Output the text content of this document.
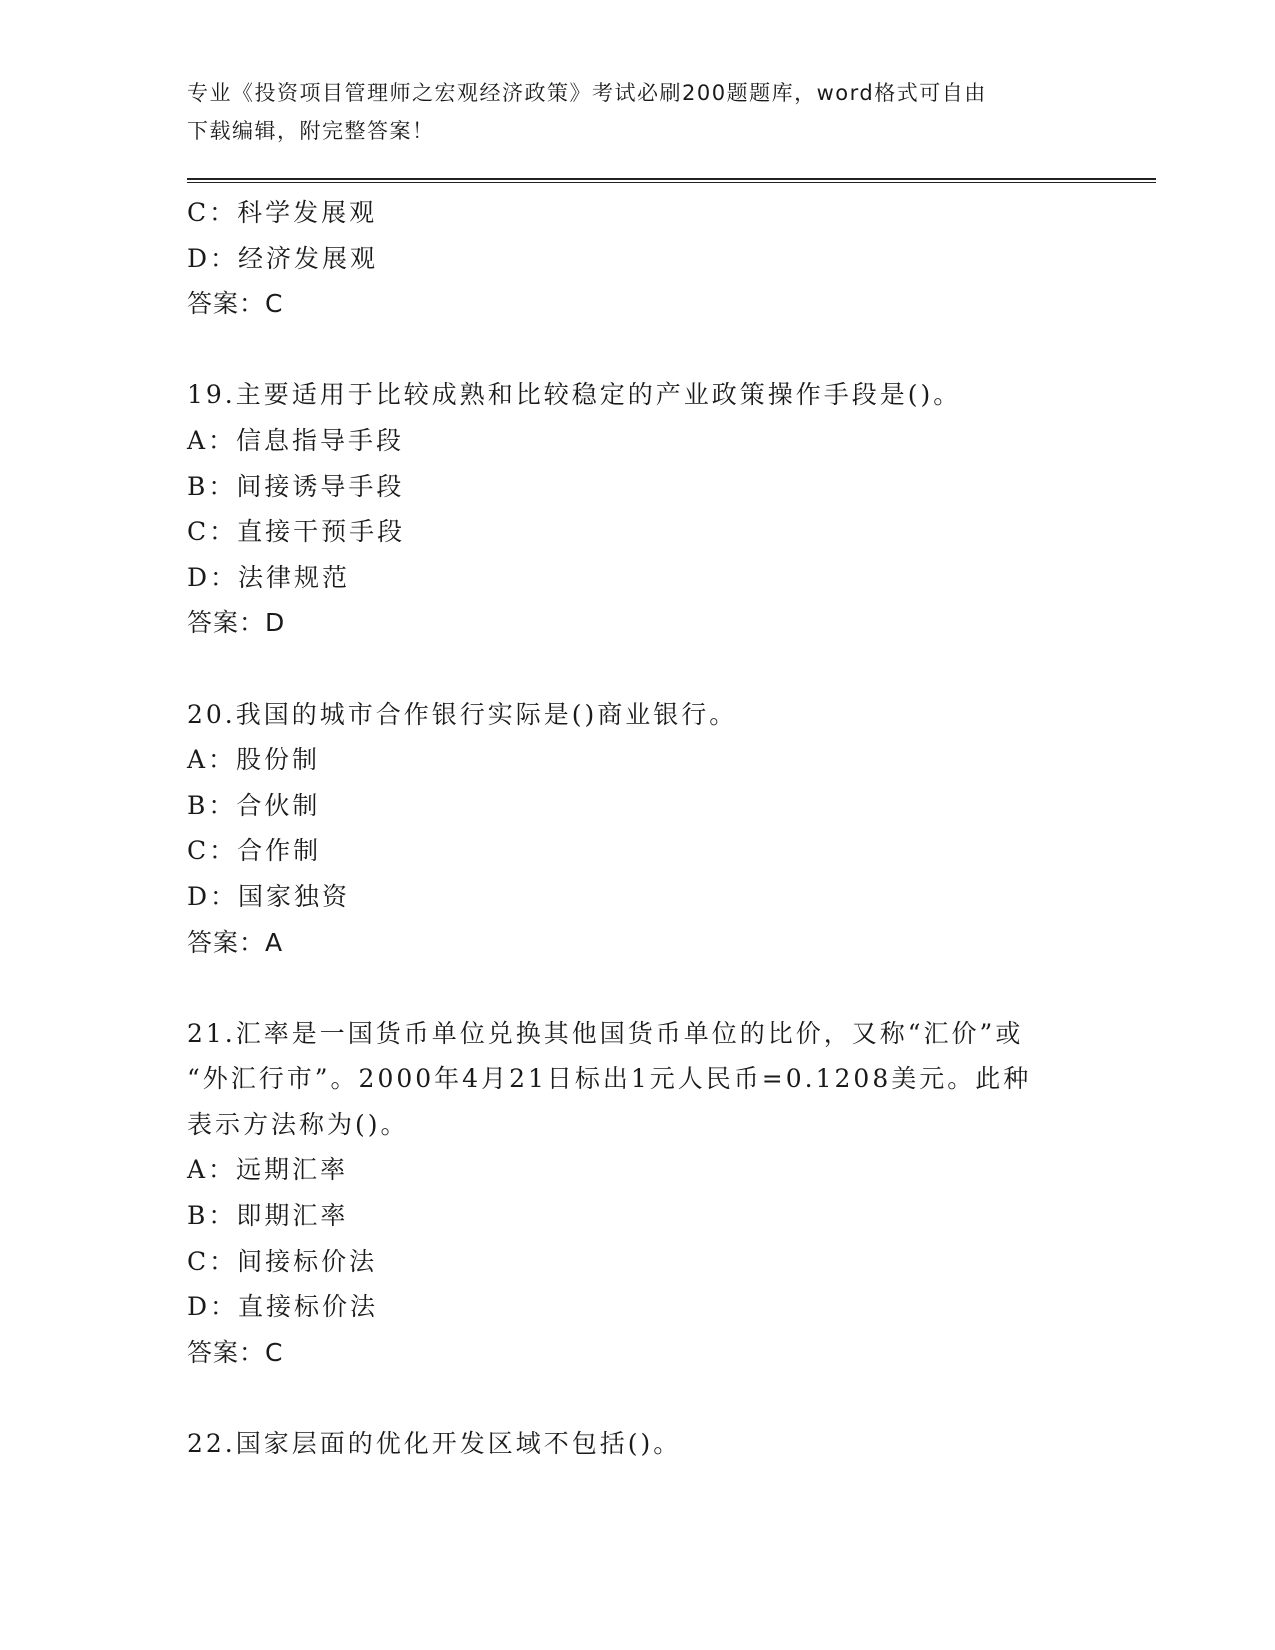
专业《投资项目管理师之宏观经济政策》考试必刷200题题库，word格式可自由
下载编辑，附完整答案！
C：科学发展观
D：经济发展观
答案：C
19.主要适用于比较成熟和比较稳定的产业政策操作手段是()。
A：信息指导手段
B：间接诱导手段
C：直接干预手段
D：法律规范
答案：D
20.我国的城市合作银行实际是()商业银行。
A：股份制
B：合伙制
C：合作制
D：国家独资
答案：A
21.汇率是一国货币单位兑换其他国货币单位的比价，又称“汇价”或
“外汇行市”。2000年4月21日标出1元人民币=0.1208美元。此种
表示方法称为()。
A：远期汇率
B：即期汇率
C：间接标价法
D：直接标价法
答案：C
22.国家层面的优化开发区域不包括()。
